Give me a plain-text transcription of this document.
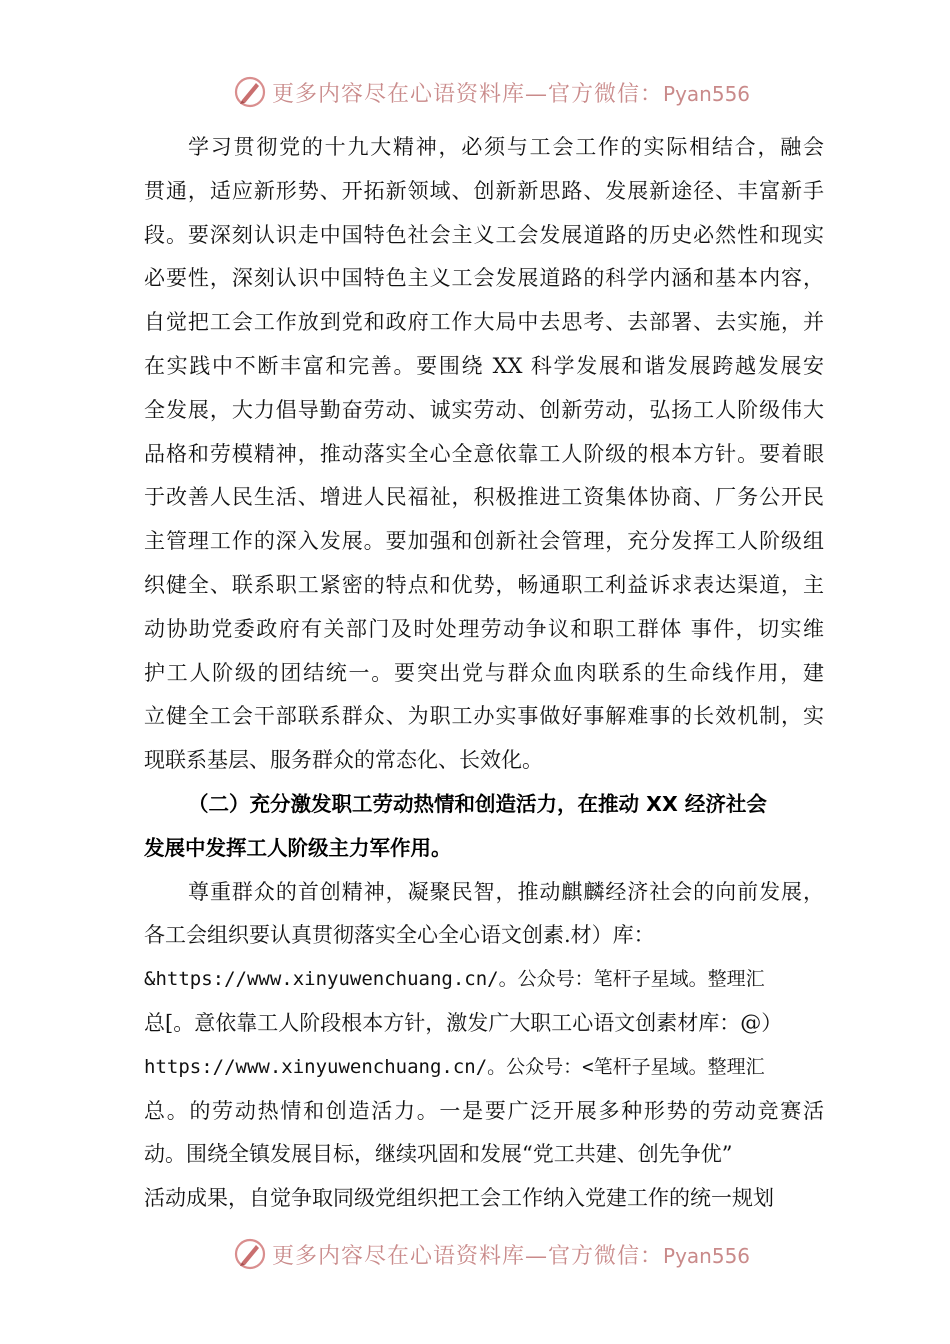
更多内容尽在心语资料库—官方微信：Pyan556
学习贯彻党的十九大精神，必须与工会工作的实际相结合，融会
贯通，适应新形势、开拓新领域、创新新思路、发展新途径、丰富新手
段。要深刻认识走中国特色社会主义工会发展道路的历史必然性和现实
必要性，深刻认识中国特色主义工会发展道路的科学内涵和基本内容，
自觉把工会工作放到党和政府工作大局中去思考、去部署、去实施，并
在实践中不断丰富和完善。要围绕 XX 科学发展和谐发展跨越发展安
全发展，大力倡导勤奋劳动、诚实劳动、创新劳动，弘扬工人阶级伟大
品格和劳模精神，推动落实全心全意依靠工人阶级的根本方针。要着眼
于改善人民生活、增进人民福祉，积极推进工资集体协商、厂务公开民
主管理工作的深入发展。要加强和创新社会管理，充分发挥工人阶级组
织健全、联系职工紧密的特点和优势，畅通职工利益诉求表达渠道，主
动协助党委政府有关部门及时处理劳动争议和职工群体 事件，切实维
护工人阶级的团结统一。要突出党与群众血肉联系的生命线作用，建
立健全工会干部联系群众、为职工办实事做好事解难事的长效机制，实
现联系基层、服务群众的常态化、长效化。
（二）充分激发职工劳动热情和创造活力，在推动 XX 经济社会
发展中发挥工人阶级主力军作用。
尊重群众的首创精神，凝聚民智，推动麒麟经济社会的向前发展，
各工会组织要认真贯彻落实全心全心语文创素.材）库：
&https://www.xinyuwenchuang.cn/。公众号：笔杆子星域。整理汇
总[。意依靠工人阶段根本方针，激发广大职工心语文创素材库：@）
https://www.xinyuwenchuang.cn/。公众号：<笔杆子星域。整理汇
总。的劳动热情和创造活力。一是要广泛开展多种形势的劳动竞赛活
动。围绕全镇发展目标，继续巩固和发展“党工共建、创先争优”
活动成果，自觉争取同级党组织把工会工作纳入党建工作的统一规划
更多内容尽在心语资料库—官方微信：Pyan556
